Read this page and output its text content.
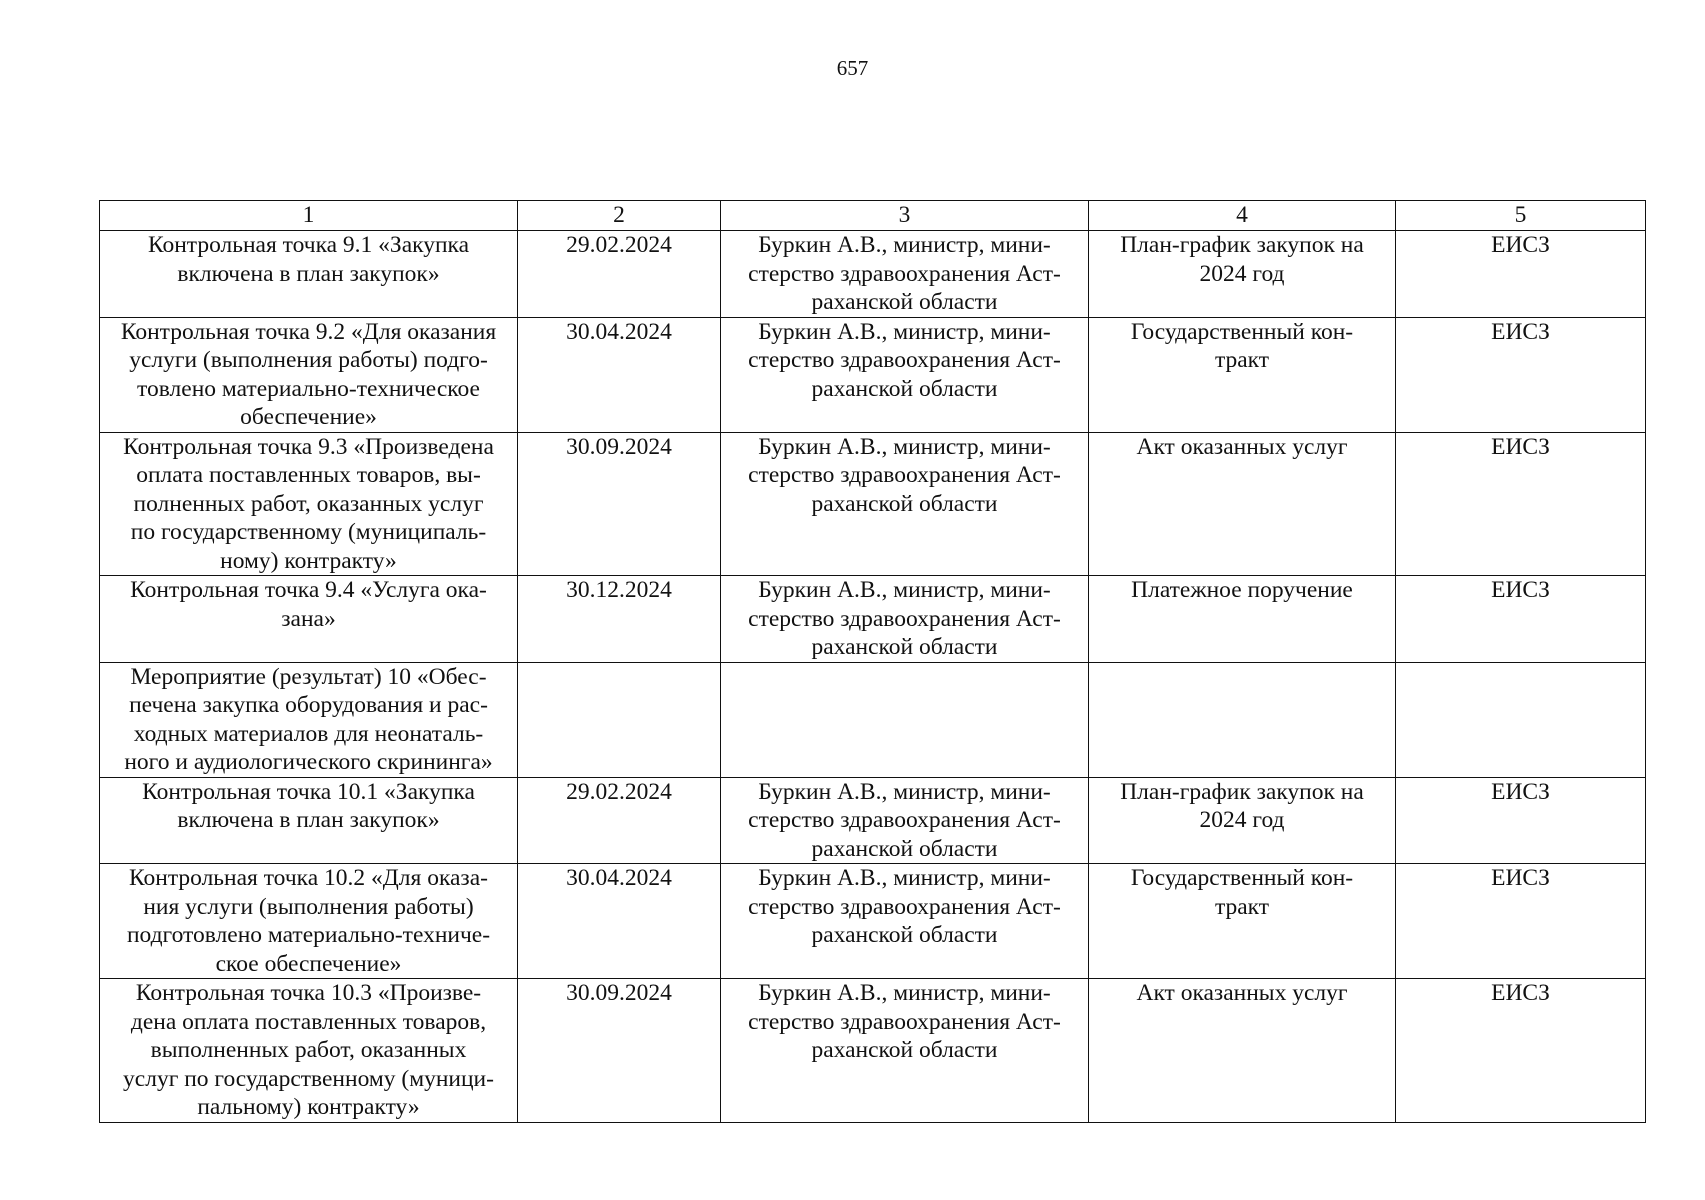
657
1	2	3	4	5
Контрольная точка 9.1 «Закупка
включена в план закупок»	29.02.2024	Буркин А.В., министр, мини-
стерство здравоохранения Аст-
раханской области	План-график закупок на
2024 год	ЕИСЗ
Контрольная точка 9.2 «Для оказания
услуги (выполнения работы) подго-
товлено материально-техническое
обеспечение»	30.04.2024	Буркин А.В., министр, мини-
стерство здравоохранения Аст-
раханской области	Государственный кон-
тракт	ЕИСЗ
Контрольная точка 9.3 «Произведена
оплата поставленных товаров, вы-
полненных работ, оказанных услуг
по государственному (муниципаль-
ному) контракту»	30.09.2024	Буркин А.В., министр, мини-
стерство здравоохранения Аст-
раханской области	Акт оказанных услуг	ЕИСЗ
Контрольная точка 9.4 «Услуга ока-
зана»	30.12.2024	Буркин А.В., министр, мини-
стерство здравоохранения Аст-
раханской области	Платежное поручение	ЕИСЗ
Мероприятие (результат) 10 «Обес-
печена закупка оборудования и рас-
ходных материалов для неонаталь-
ного и аудиологического скрининга»				
Контрольная точка 10.1 «Закупка
включена в план закупок»	29.02.2024	Буркин А.В., министр, мини-
стерство здравоохранения Аст-
раханской области	План-график закупок на
2024 год	ЕИСЗ
Контрольная точка 10.2 «Для оказа-
ния услуги (выполнения работы)
подготовлено материально-техниче-
ское обеспечение»	30.04.2024	Буркин А.В., министр, мини-
стерство здравоохранения Аст-
раханской области	Государственный кон-
тракт	ЕИСЗ
Контрольная точка 10.3 «Произве-
дена оплата поставленных товаров,
выполненных работ, оказанных
услуг по государственному (муници-
пальному) контракту»	30.09.2024	Буркин А.В., министр, мини-
стерство здравоохранения Аст-
раханской области	Акт оказанных услуг	ЕИСЗ
